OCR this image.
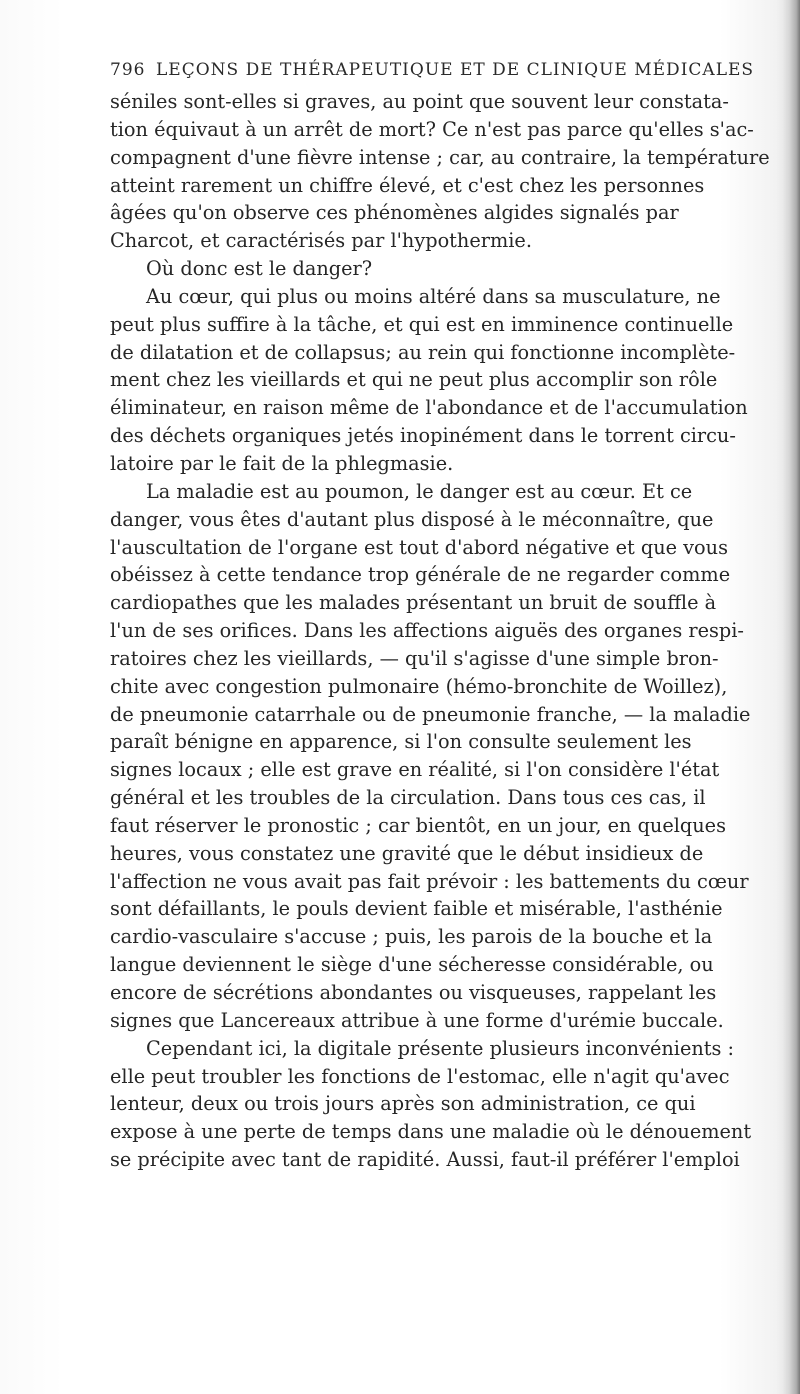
796 LEÇONS DE THÉRAPEUTIQUE ET DE CLINIQUE MÉDICALES
séniles sont-elles si graves, au point que souvent leur constata-
tion équivaut à un arrêt de mort? Ce n'est pas parce qu'elles s'ac-
compagnent d'une fièvre intense ; car, au contraire, la température
atteint rarement un chiffre élevé, et c'est chez les personnes
âgées qu'on observe ces phénomènes algides signalés par
Charcot, et caractérisés par l'hypothermie.
Où donc est le danger?
Au cœur, qui plus ou moins altéré dans sa musculature, ne
peut plus suffire à la tâche, et qui est en imminence continuelle
de dilatation et de collapsus; au rein qui fonctionne incomplète-
ment chez les vieillards et qui ne peut plus accomplir son rôle
éliminateur, en raison même de l'abondance et de l'accumulation
des déchets organiques jetés inopinément dans le torrent circu-
latoire par le fait de la phlegmasie.
La maladie est au poumon, le danger est au cœur. Et ce
danger, vous êtes d'autant plus disposé à le méconnaître, que
l'auscultation de l'organe est tout d'abord négative et que vous
obéissez à cette tendance trop générale de ne regarder comme
cardiopathes que les malades présentant un bruit de souffle à
l'un de ses orifices. Dans les affections aiguës des organes respi-
ratoires chez les vieillards, — qu'il s'agisse d'une simple bron-
chite avec congestion pulmonaire (hémo-bronchite de Woillez),
de pneumonie catarrhale ou de pneumonie franche, — la maladie
paraît bénigne en apparence, si l'on consulte seulement les
signes locaux ; elle est grave en réalité, si l'on considère l'état
général et les troubles de la circulation. Dans tous ces cas, il
faut réserver le pronostic ; car bientôt, en un jour, en quelques
heures, vous constatez une gravité que le début insidieux de
l'affection ne vous avait pas fait prévoir : les battements du cœur
sont défaillants, le pouls devient faible et misérable, l'asthénie
cardio-vasculaire s'accuse ; puis, les parois de la bouche et la
langue deviennent le siège d'une sécheresse considérable, ou
encore de sécrétions abondantes ou visqueuses, rappelant les
signes que Lancereaux attribue à une forme d'urémie buccale.
Cependant ici, la digitale présente plusieurs inconvénients :
elle peut troubler les fonctions de l'estomac, elle n'agit qu'avec
lenteur, deux ou trois jours après son administration, ce qui
expose à une perte de temps dans une maladie où le dénouement
se précipite avec tant de rapidité. Aussi, faut-il préférer l'emploi
